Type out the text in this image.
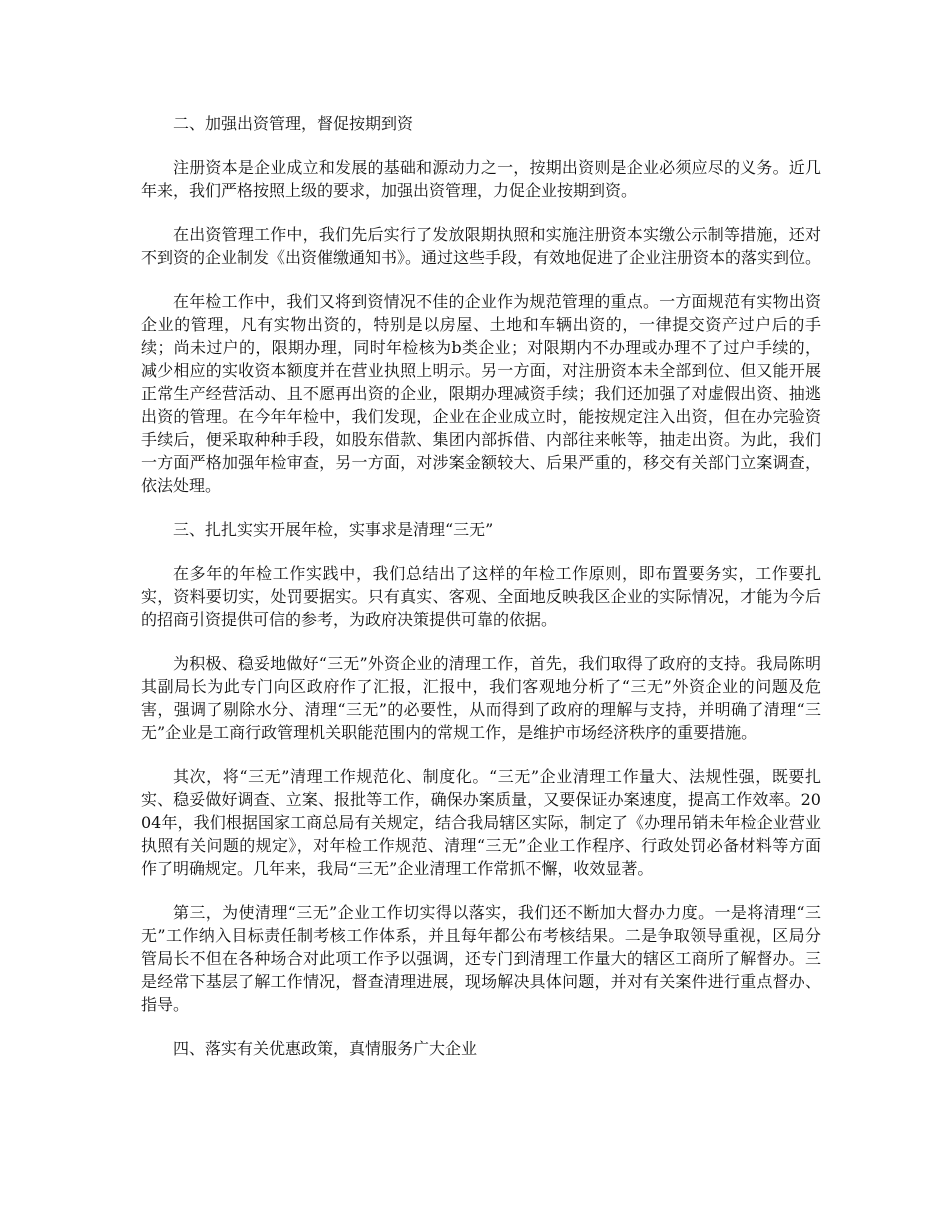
二、加强出资管理，督促按期到资

注册资本是企业成立和发展的基础和源动力之一，按期出资则是企业必须应尽的义务。近几年来，我们严格按照上级的要求，加强出资管理，力促企业按期到资。

在出资管理工作中，我们先后实行了发放限期执照和实施注册资本实缴公示制等措施，还对不到资的企业制发《出资催缴通知书》。通过这些手段，有效地促进了企业注册资本的落实到位。

在年检工作中，我们又将到资情况不佳的企业作为规范管理的重点。一方面规范有实物出资企业的管理，凡有实物出资的，特别是以房屋、土地和车辆出资的，一律提交资产过户后的手续；尚未过户的，限期办理，同时年检核为b类企业；对限期内不办理或办理不了过户手续的，减少相应的实收资本额度并在营业执照上明示。另一方面，对注册资本未全部到位、但又能开展正常生产经营活动、且不愿再出资的企业，限期办理减资手续；我们还加强了对虚假出资、抽逃出资的管理。在今年年检中，我们发现，企业在企业成立时，能按规定注入出资，但在办完验资手续后，便采取种种手段，如股东借款、集团内部拆借、内部往来帐等，抽走出资。为此，我们一方面严格加强年检审查，另一方面，对涉案金额较大、后果严重的，移交有关部门立案调查，依法处理。

三、扎扎实实开展年检，实事求是清理“三无”

在多年的年检工作实践中，我们总结出了这样的年检工作原则，即布置要务实，工作要扎实，资料要切实，处罚要据实。只有真实、客观、全面地反映我区企业的实际情况，才能为今后的招商引资提供可信的参考，为政府决策提供可靠的依据。

为积极、稳妥地做好“三无”外资企业的清理工作，首先，我们取得了政府的支持。我局陈明其副局长为此专门向区政府作了汇报，汇报中，我们客观地分析了“三无”外资企业的问题及危害，强调了剔除水分、清理“三无”的必要性，从而得到了政府的理解与支持，并明确了清理“三无”企业是工商行政管理机关职能范围内的常规工作，是维护市场经济秩序的重要措施。

其次，将“三无”清理工作规范化、制度化。“三无”企业清理工作量大、法规性强，既要扎实、稳妥做好调查、立案、报批等工作，确保办案质量，又要保证办案速度，提高工作效率。2004年，我们根据国家工商总局有关规定，结合我局辖区实际，制定了《办理吊销未年检企业营业执照有关问题的规定》，对年检工作规范、清理“三无”企业工作程序、行政处罚必备材料等方面作了明确规定。几年来，我局“三无”企业清理工作常抓不懈，收效显著。

第三，为使清理“三无”企业工作切实得以落实，我们还不断加大督办力度。一是将清理“三无”工作纳入目标责任制考核工作体系，并且每年都公布考核结果。二是争取领导重视，区局分管局长不但在各种场合对此项工作予以强调，还专门到清理工作量大的辖区工商所了解督办。三是经常下基层了解工作情况，督查清理进展，现场解决具体问题，并对有关案件进行重点督办、指导。

四、落实有关优惠政策，真情服务广大企业
